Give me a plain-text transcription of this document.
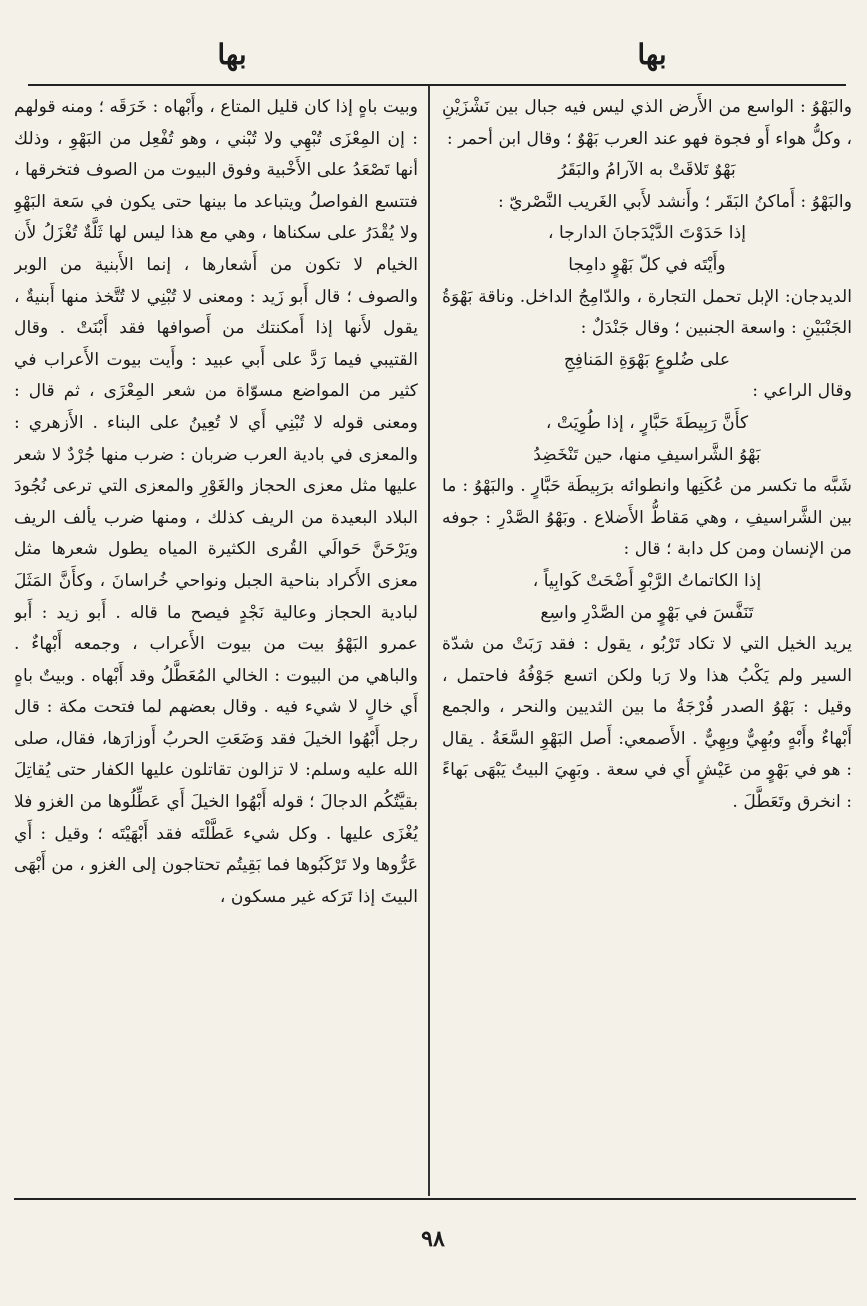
بها	بها

والبَهْوُ : الواسع من الأَرض الذي ليس فيه جبال بين نَشْزَيْنِ ، وكلُّ هواء أَو فجوة فهو عند العرب بَهْوٌ ؛ وقال ابن أحمر :

بَهْوٌ تَلاقَتْ به الآرامُ والبَقَرُ

والبَهْوُ : أَماكنُ البَقَر ؛ وأَنشد لأَبي الغَريب النَّصْريّ :

إذا حَدَوْتَ الدَّيْدَجانَ الدارجا ،

وأَيْتَه في كلّ بَهْوٍ دامِجا

الديدجان: الإبل تحمل التجارة ، والدّامِجُ الداخل. وناقة بَهْوَةُ الجَنْبَيْنِ : واسعة الجنبين ؛ وقال جَنْدَلٌ :

على ضُلوعٍ بَهْوَةِ المَنافِجِ

وقال الراعي :

كأَنَّ رَبِيطَةَ حَبَّارٍ ، إذا طُوِيَتْ ،

بَهْوُ الشَّراسيفِ منها، حين تَنْخَضِدُ

شَبَّه ما تكسر من عُكَنِها وانطوائه برَبِيطَة حَبَّارٍ . والبَهْوُ : ما بين الشَّراسيفِ ، وهي مَقاطُّ الأَضلاع . وبَهْوُ الصَّدْرِ : جوفه من الإنسان ومن كل دابة ؛ قال :

إذا الكاتماتُ الرَّبْوِ أَضْحَتْ كَوابِياً ،

تَنَفَّسَ في بَهْوٍ من الصَّدْرِ واسِع

يريد الخيل التي لا تكاد تَرْبُو ، يقول : فقد رَبَتْ من شدّة السير ولم يَكْبُ هذا ولا رَبا ولكن اتسع جَوْفُهُ فاحتمل ، وقيل : بَهْوُ الصدر فُرْجَةُ ما بين الثديين والنحر ، والجمع أَبْهاءٌ وأَبْهٍ وبُهِيٌّ وبِهِيٌّ . الأَصمعي: أَصل البَهْوِ السَّعَةُ . يقال : هو في بَهْوٍ من عَيْشٍ أَي في سعة . وبَهِيَ البيتُ يَبْهَى بَهاءً : انخرق وتَعَطَّلَ .

وبيت باهٍ إذا كان قليل المتاع ، وأَبْهاه : خَرَقَه ؛ ومنه قولهم : إن المِعْزَى تُبْهِي ولا تُبْني ، وهو تُفْعِل من البَهْوِ ، وذلك أنها تَصْعَدُ على الأَخْبية وفوق البيوت من الصوف فتخرقها ، فتتسع الفواصلُ ويتباعد ما بينها حتى يكون في سَعة البَهْوِ ولا يُقْدَرُ على سكناها ، وهي مع هذا ليس لها ثَلَّةٌ تُغْزَلُ لأَن الخيام لا تكون من أَشعارها ، إنما الأَبنية من الوبر والصوف ؛ قال أَبو زَيد : ومعنى لا تُبْنِي لا تُتَّخذ منها أَبنيةٌ ، يقول لأَنها إذا أَمكنتك من أَصوافها فقد أَبْنَتْ . وقال القتيبي فيما رَدَّ على أَبي عبيد : وأَيت بيوت الأَعراب في كثير من المواضع مسوّاة من شعر المِعْزَى ، ثم قال : ومعنى قوله لا تُبْنِي أَي لا تُعِينُ على البناء . الأَزهري : والمعزى في بادية العرب ضربان : ضرب منها جُرْدٌ لا شعر عليها مثل معزى الحجاز والغَوْرِ والمعزى التي ترعى نُجُودَ البلاد البعيدة من الريف كذلك ، ومنها ضرب يألف الريف ويَرْحَنَّ حَوالَي القُرى الكثيرة المياه يطول شعرها مثل معزى الأَكراد بناحية الجبل ونواحي خُراسانَ ، وكأَنَّ المَثَلَ لبادية الحجاز وعالية نَجْدٍ فيصح ما قاله . أَبو زيد : أَبو عمرو البَهْوُ بيت من بيوت الأَعراب ، وجمعه أَبْهاءٌ . والباهي من البيوت : الخالي المُعَطَّلُ وقد أَبْهاه . وبيتٌ باهٍ أَي خالٍ لا شيء فيه . وقال بعضهم لما فتحت مكة : قال رجل أَبْهُوا الخيلَ فقد وَضَعَتِ الحربُ أَوزارَها، فقال، صلى الله عليه وسلم: لا تزالون تقاتلون عليها الكفار حتى يُقاتِلَ بقيَّتُكُم الدجالَ ؛ قوله أَبْهُوا الخيلَ أَي عَطِّلُوها من الغزو فلا يُغْزَى عليها . وكل شيء عَطَّلْتَه فقد أَبْهَيْتَه ؛ وقيل : أَي عَرُّوها ولا تَرْكَبُوها فما بَقِيتُم تحتاجون إلى الغزو ، من أَبْهَى البيتَ إذا تَرَكه غير مسكون ،

٩٨
